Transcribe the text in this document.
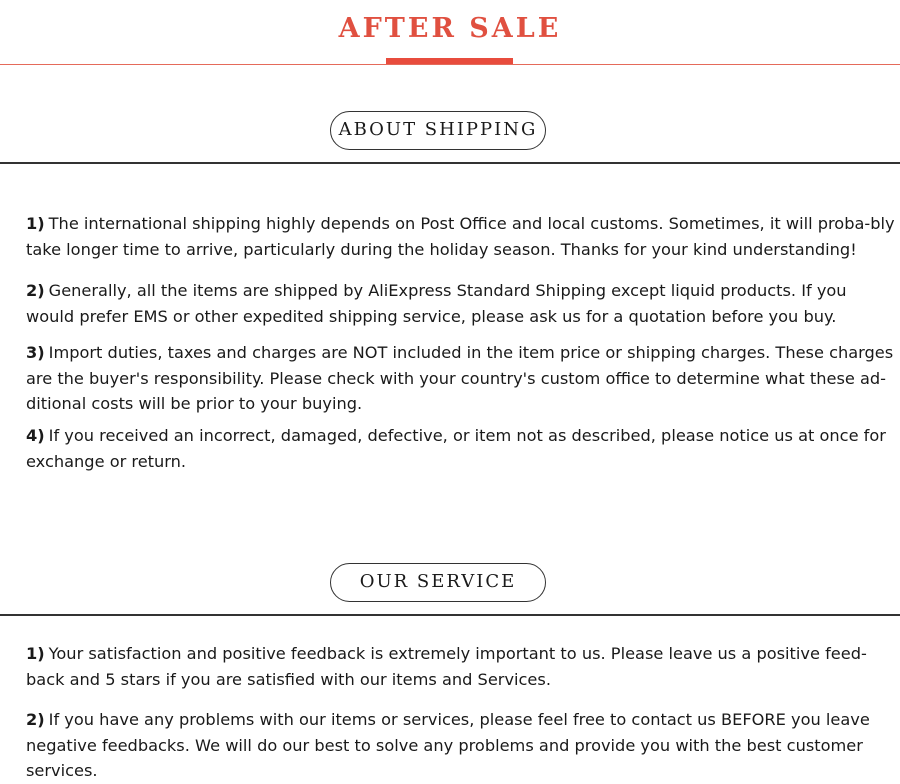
AFTER SALE
ABOUT SHIPPING
1) The international shipping highly depends on Post Office and local customs. Sometimes, it will proba-bly take longer time to arrive, particularly during the holiday season. Thanks for your kind understanding!
2) Generally, all the items are shipped by AliExpress Standard Shipping except liquid products. If you would prefer EMS or other expedited shipping service, please ask us for a quotation before you buy.
3) Import duties, taxes and charges are NOT included in the item price or shipping charges. These charges are the buyer's responsibility. Please check with your country's custom office to determine what these ad-ditional costs will be prior to your buying.
4) If you received an incorrect, damaged, defective, or item not as described, please notice us at once for exchange or return.
OUR SERVICE
1) Your satisfaction and positive feedback is extremely important to us. Please leave us a positive feed-back and 5 stars if you are satisfied with our items and Services.
2) If you have any problems with our items or services, please feel free to contact us BEFORE you leave negative feedbacks. We will do our best to solve any problems and provide you with the best customer services.
